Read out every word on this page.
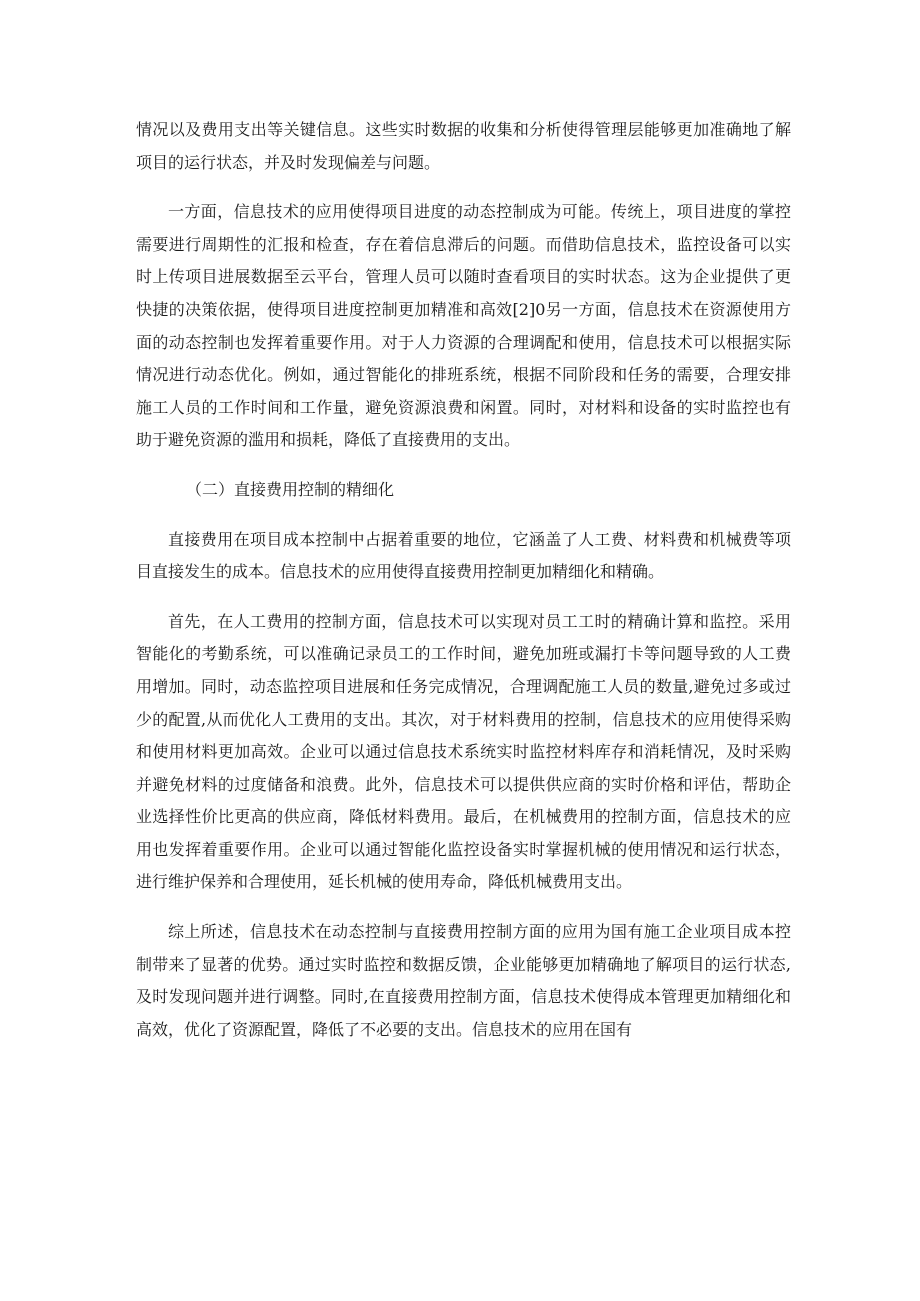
情况以及费用支出等关键信息。这些实时数据的收集和分析使得管理层能够更加准确地了解项目的运行状态，并及时发现偏差与问题。

一方面，信息技术的应用使得项目进度的动态控制成为可能。传统上，项目进度的掌控需要进行周期性的汇报和检查，存在着信息滞后的问题。而借助信息技术，监控设备可以实时上传项目进展数据至云平台，管理人员可以随时查看项目的实时状态。这为企业提供了更快捷的决策依据，使得项目进度控制更加精准和高效[2]0另一方面，信息技术在资源使用方面的动态控制也发挥着重要作用。对于人力资源的合理调配和使用，信息技术可以根据实际情况进行动态优化。例如，通过智能化的排班系统，根据不同阶段和任务的需要，合理安排施工人员的工作时间和工作量，避免资源浪费和闲置。同时，对材料和设备的实时监控也有助于避免资源的滥用和损耗，降低了直接费用的支出。

（二）直接费用控制的精细化

直接费用在项目成本控制中占据着重要的地位，它涵盖了人工费、材料费和机械费等项目直接发生的成本。信息技术的应用使得直接费用控制更加精细化和精确。

首先，在人工费用的控制方面，信息技术可以实现对员工工时的精确计算和监控。采用智能化的考勤系统，可以准确记录员工的工作时间，避免加班或漏打卡等问题导致的人工费用增加。同时，动态监控项目进展和任务完成情况，合理调配施工人员的数量,避免过多或过少的配置,从而优化人工费用的支出。其次，对于材料费用的控制，信息技术的应用使得采购和使用材料更加高效。企业可以通过信息技术系统实时监控材料库存和消耗情况，及时采购并避免材料的过度储备和浪费。此外，信息技术可以提供供应商的实时价格和评估，帮助企业选择性价比更高的供应商，降低材料费用。最后，在机械费用的控制方面，信息技术的应用也发挥着重要作用。企业可以通过智能化监控设备实时掌握机械的使用情况和运行状态，进行维护保养和合理使用，延长机械的使用寿命，降低机械费用支出。

综上所述，信息技术在动态控制与直接费用控制方面的应用为国有施工企业项目成本控制带来了显著的优势。通过实时监控和数据反馈，企业能够更加精确地了解项目的运行状态,及时发现问题并进行调整。同时,在直接费用控制方面，信息技术使得成本管理更加精细化和高效，优化了资源配置，降低了不必要的支出。信息技术的应用在国有
